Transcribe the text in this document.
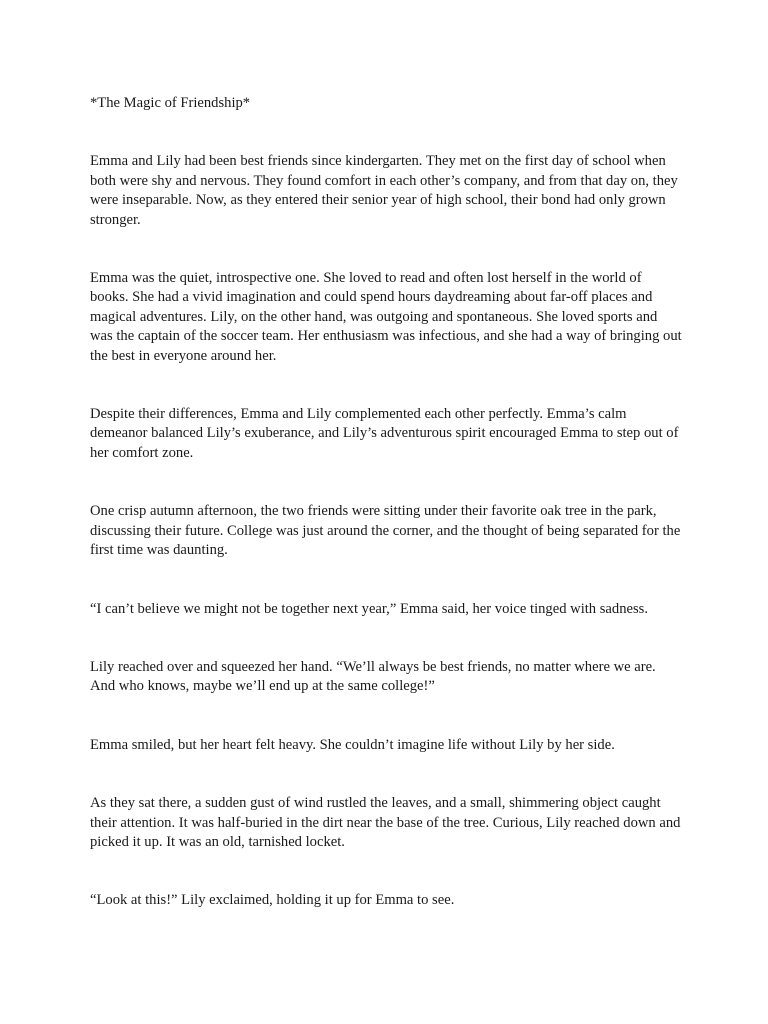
*The Magic of Friendship*

Emma and Lily had been best friends since kindergarten. They met on the first day of school when both were shy and nervous. They found comfort in each other’s company, and from that day on, they were inseparable. Now, as they entered their senior year of high school, their bond had only grown stronger.

Emma was the quiet, introspective one. She loved to read and often lost herself in the world of books. She had a vivid imagination and could spend hours daydreaming about far-off places and magical adventures. Lily, on the other hand, was outgoing and spontaneous. She loved sports and was the captain of the soccer team. Her enthusiasm was infectious, and she had a way of bringing out the best in everyone around her.

Despite their differences, Emma and Lily complemented each other perfectly. Emma’s calm demeanor balanced Lily’s exuberance, and Lily’s adventurous spirit encouraged Emma to step out of her comfort zone.

One crisp autumn afternoon, the two friends were sitting under their favorite oak tree in the park, discussing their future. College was just around the corner, and the thought of being separated for the first time was daunting.

“I can’t believe we might not be together next year,” Emma said, her voice tinged with sadness.

Lily reached over and squeezed her hand. “We’ll always be best friends, no matter where we are. And who knows, maybe we’ll end up at the same college!”

Emma smiled, but her heart felt heavy. She couldn’t imagine life without Lily by her side.

As they sat there, a sudden gust of wind rustled the leaves, and a small, shimmering object caught their attention. It was half-buried in the dirt near the base of the tree. Curious, Lily reached down and picked it up. It was an old, tarnished locket.

“Look at this!” Lily exclaimed, holding it up for Emma to see.
